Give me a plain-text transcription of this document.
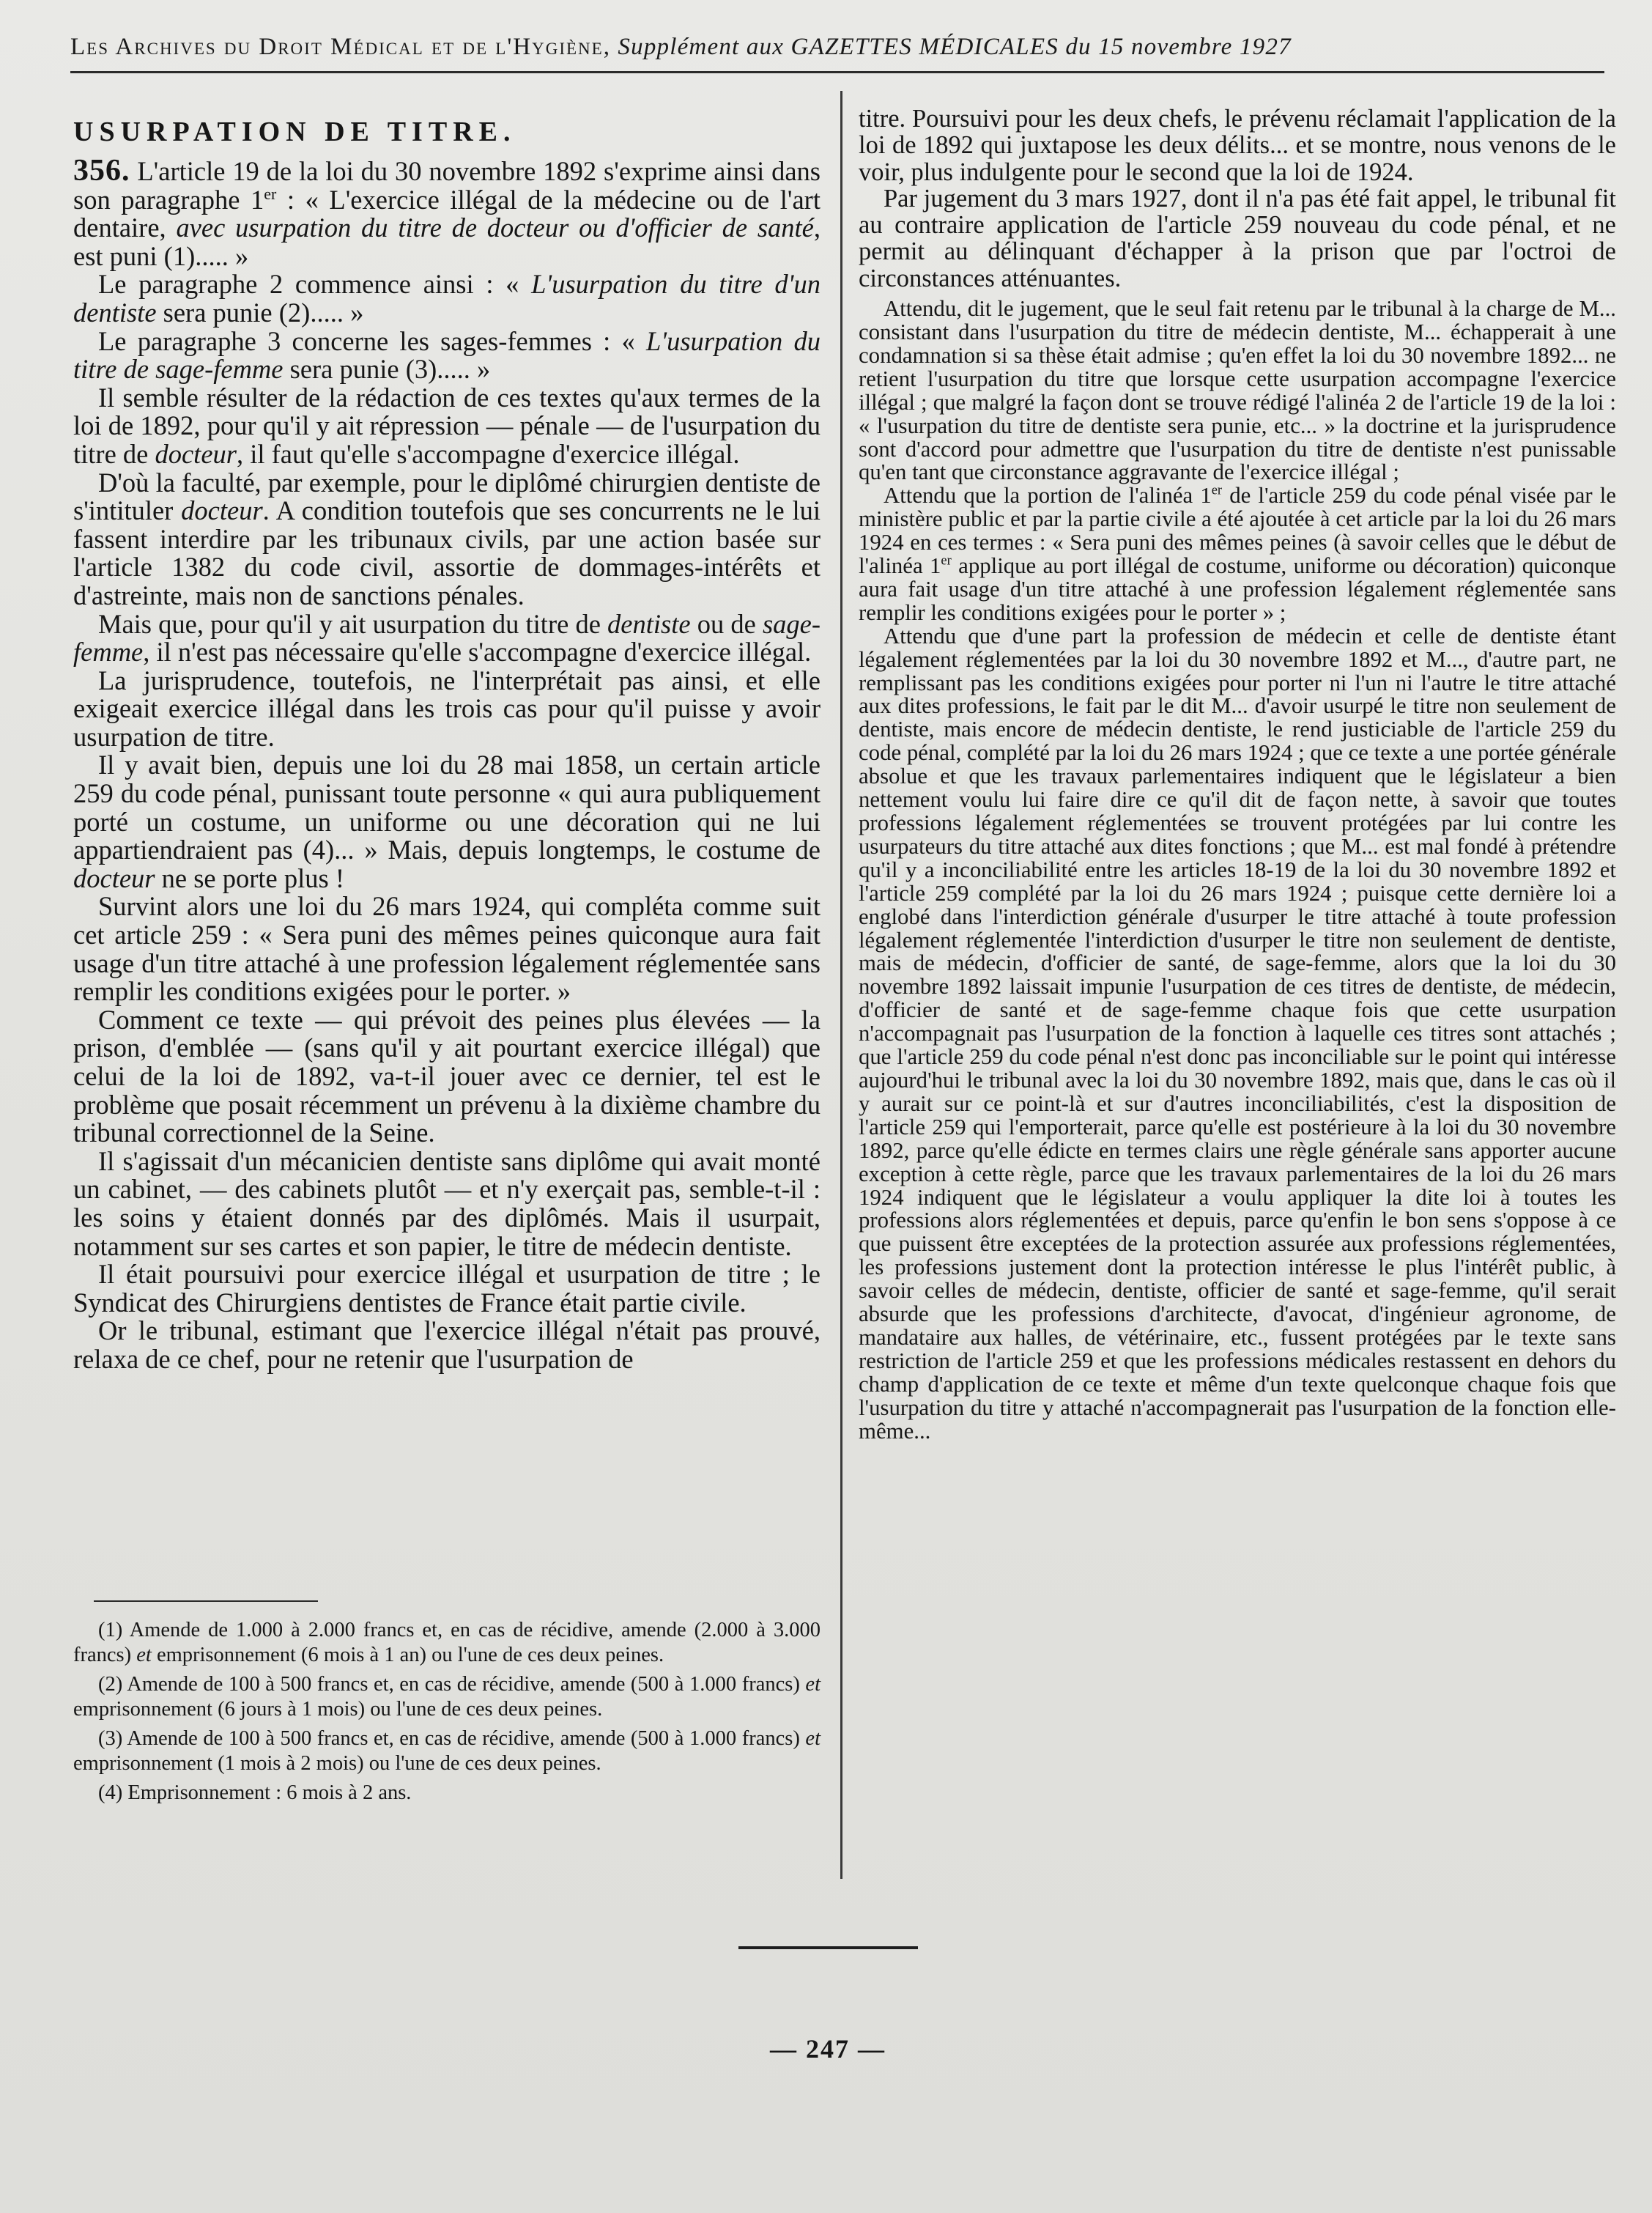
Les Archives du Droit Médical et de l'Hygiène, Supplément aux GAZETTES MÉDICALES du 15 novembre 1927
USURPATION DE TITRE.

356. L'article 19 de la loi du 30 novembre 1892 s'exprime ainsi dans son paragraphe 1er : « L'exercice illégal de la médecine ou de l'art dentaire, avec usurpation du titre de docteur ou d'officier de santé, est puni (1)..... »

Le paragraphe 2 commence ainsi : « L'usurpation du titre d'un dentiste sera punie (2)..... »

Le paragraphe 3 concerne les sages-femmes : « L'usurpation du titre de sage-femme sera punie (3)..... »

Il semble résulter de la rédaction de ces textes qu'aux termes de la loi de 1892, pour qu'il y ait répression — pénale — de l'usurpation du titre de docteur, il faut qu'elle s'accompagne d'exercice illégal.

D'où la faculté, par exemple, pour le diplômé chirurgien dentiste de s'intituler docteur. A condition toutefois que ses concurrents ne le lui fassent interdire par les tribunaux civils, par une action basée sur l'article 1382 du code civil, assortie de dommages-intérêts et d'astreinte, mais non de sanctions pénales.

Mais que, pour qu'il y ait usurpation du titre de dentiste ou de sage-femme, il n'est pas nécessaire qu'elle s'accompagne d'exercice illégal.

La jurisprudence, toutefois, ne l'interprétait pas ainsi, et elle exigeait exercice illégal dans les trois cas pour qu'il puisse y avoir usurpation de titre.

Il y avait bien, depuis une loi du 28 mai 1858, un certain article 259 du code pénal, punissant toute personne « qui aura publiquement porté un costume, un uniforme ou une décoration qui ne lui appartiendraient pas (4)... » Mais, depuis longtemps, le costume de docteur ne se porte plus !

Survint alors une loi du 26 mars 1924, qui compléta comme suit cet article 259 : « Sera puni des mêmes peines quiconque aura fait usage d'un titre attaché à une profession légalement réglementée sans remplir les conditions exigées pour le porter. »

Comment ce texte — qui prévoit des peines plus élevées — la prison, d'emblée — (sans qu'il y ait pourtant exercice illégal) que celui de la loi de 1892, va-t-il jouer avec ce dernier, tel est le problème que posait récemment un prévenu à la dixième chambre du tribunal correctionnel de la Seine.

Il s'agissait d'un mécanicien dentiste sans diplôme qui avait monté un cabinet, — des cabinets plutôt — et n'y exerçait pas, semble-t-il : les soins y étaient donnés par des diplômés. Mais il usurpait, notamment sur ses cartes et son papier, le titre de médecin dentiste.

Il était poursuivi pour exercice illégal et usurpation de titre ; le Syndicat des Chirurgiens dentistes de France était partie civile.

Or le tribunal, estimant que l'exercice illégal n'était pas prouvé, relaxa de ce chef, pour ne retenir que l'usurpation de

(1) Amende de 1.000 à 2.000 francs et, en cas de récidive, amende (2.000 à 3.000 francs) et emprisonnement (6 mois à 1 an) ou l'une de ces deux peines.

(2) Amende de 100 à 500 francs et, en cas de récidive, amende (500 à 1.000 francs) et emprisonnement (6 jours à 1 mois) ou l'une de ces deux peines.

(3) Amende de 100 à 500 francs et, en cas de récidive, amende (500 à 1.000 francs) et emprisonnement (1 mois à 2 mois) ou l'une de ces deux peines.

(4) Emprisonnement : 6 mois à 2 ans.

titre. Poursuivi pour les deux chefs, le prévenu réclamait l'application de la loi de 1892 qui juxtapose les deux délits... et se montre, nous venons de le voir, plus indulgente pour le second que la loi de 1924.

Par jugement du 3 mars 1927, dont il n'a pas été fait appel, le tribunal fit au contraire application de l'article 259 nouveau du code pénal, et ne permit au délinquant d'échapper à la prison que par l'octroi de circonstances atténuantes.

Attendu, dit le jugement, que le seul fait retenu par le tribunal à la charge de M... consistant dans l'usurpation du titre de médecin dentiste, M... échapperait à une condamnation si sa thèse était admise ; qu'en effet la loi du 30 novembre 1892... ne retient l'usurpation du titre que lorsque cette usurpation accompagne l'exercice illégal ; que malgré la façon dont se trouve rédigé l'alinéa 2 de l'article 19 de la loi : « l'usurpation du titre de dentiste sera punie, etc... » la doctrine et la jurisprudence sont d'accord pour admettre que l'usurpation du titre de dentiste n'est punissable qu'en tant que circonstance aggravante de l'exercice illégal ;

Attendu que la portion de l'alinéa 1er de l'article 259 du code pénal visée par le ministère public et par la partie civile a été ajoutée à cet article par la loi du 26 mars 1924 en ces termes : « Sera puni des mêmes peines (à savoir celles que le début de l'alinéa 1er applique au port illégal de costume, uniforme ou décoration) quiconque aura fait usage d'un titre attaché à une profession légalement réglementée sans remplir les conditions exigées pour le porter » ;

Attendu que d'une part la profession de médecin et celle de dentiste étant légalement réglementées par la loi du 30 novembre 1892 et M..., d'autre part, ne remplissant pas les conditions exigées pour porter ni l'un ni l'autre le titre attaché aux dites professions, le fait par le dit M... d'avoir usurpé le titre non seulement de dentiste, mais encore de médecin dentiste, le rend justiciable de l'article 259 du code pénal, complété par la loi du 26 mars 1924 ; que ce texte a une portée générale absolue et que les travaux parlementaires indiquent que le législateur a bien nettement voulu lui faire dire ce qu'il dit de façon nette, à savoir que toutes professions légalement réglementées se trouvent protégées par lui contre les usurpateurs du titre attaché aux dites fonctions ; que M... est mal fondé à prétendre qu'il y a inconciliabilité entre les articles 18-19 de la loi du 30 novembre 1892 et l'article 259 complété par la loi du 26 mars 1924 ; puisque cette dernière loi a englobé dans l'interdiction générale d'usurper le titre attaché à toute profession légalement réglementée l'interdiction d'usurper le titre non seulement de dentiste, mais de médecin, d'officier de santé, de sage-femme, alors que la loi du 30 novembre 1892 laissait impunie l'usurpation de ces titres de dentiste, de médecin, d'officier de santé et de sage-femme chaque fois que cette usurpation n'accompagnait pas l'usurpation de la fonction à laquelle ces titres sont attachés ; que l'article 259 du code pénal n'est donc pas inconciliable sur le point qui intéresse aujourd'hui le tribunal avec la loi du 30 novembre 1892, mais que, dans le cas où il y aurait sur ce point-là et sur d'autres inconciliabilités, c'est la disposition de l'article 259 qui l'emporterait, parce qu'elle est postérieure à la loi du 30 novembre 1892, parce qu'elle édicte en termes clairs une règle générale sans apporter aucune exception à cette règle, parce que les travaux parlementaires de la loi du 26 mars 1924 indiquent que le législateur a voulu appliquer la dite loi à toutes les professions alors réglementées et depuis, parce qu'enfin le bon sens s'oppose à ce que puissent être exceptées de la protection assurée aux professions réglementées, les professions justement dont la protection intéresse le plus l'intérêt public, à savoir celles de médecin, dentiste, officier de santé et sage-femme, qu'il serait absurde que les professions d'architecte, d'avocat, d'ingénieur agronome, de mandataire aux halles, de vétérinaire, etc., fussent protégées par le texte sans restriction de l'article 259 et que les professions médicales restassent en dehors du champ d'application de ce texte et même d'un texte quelconque chaque fois que l'usurpation du titre y attaché n'accompagnerait pas l'usurpation de la fonction elle-même...

— 247 —
